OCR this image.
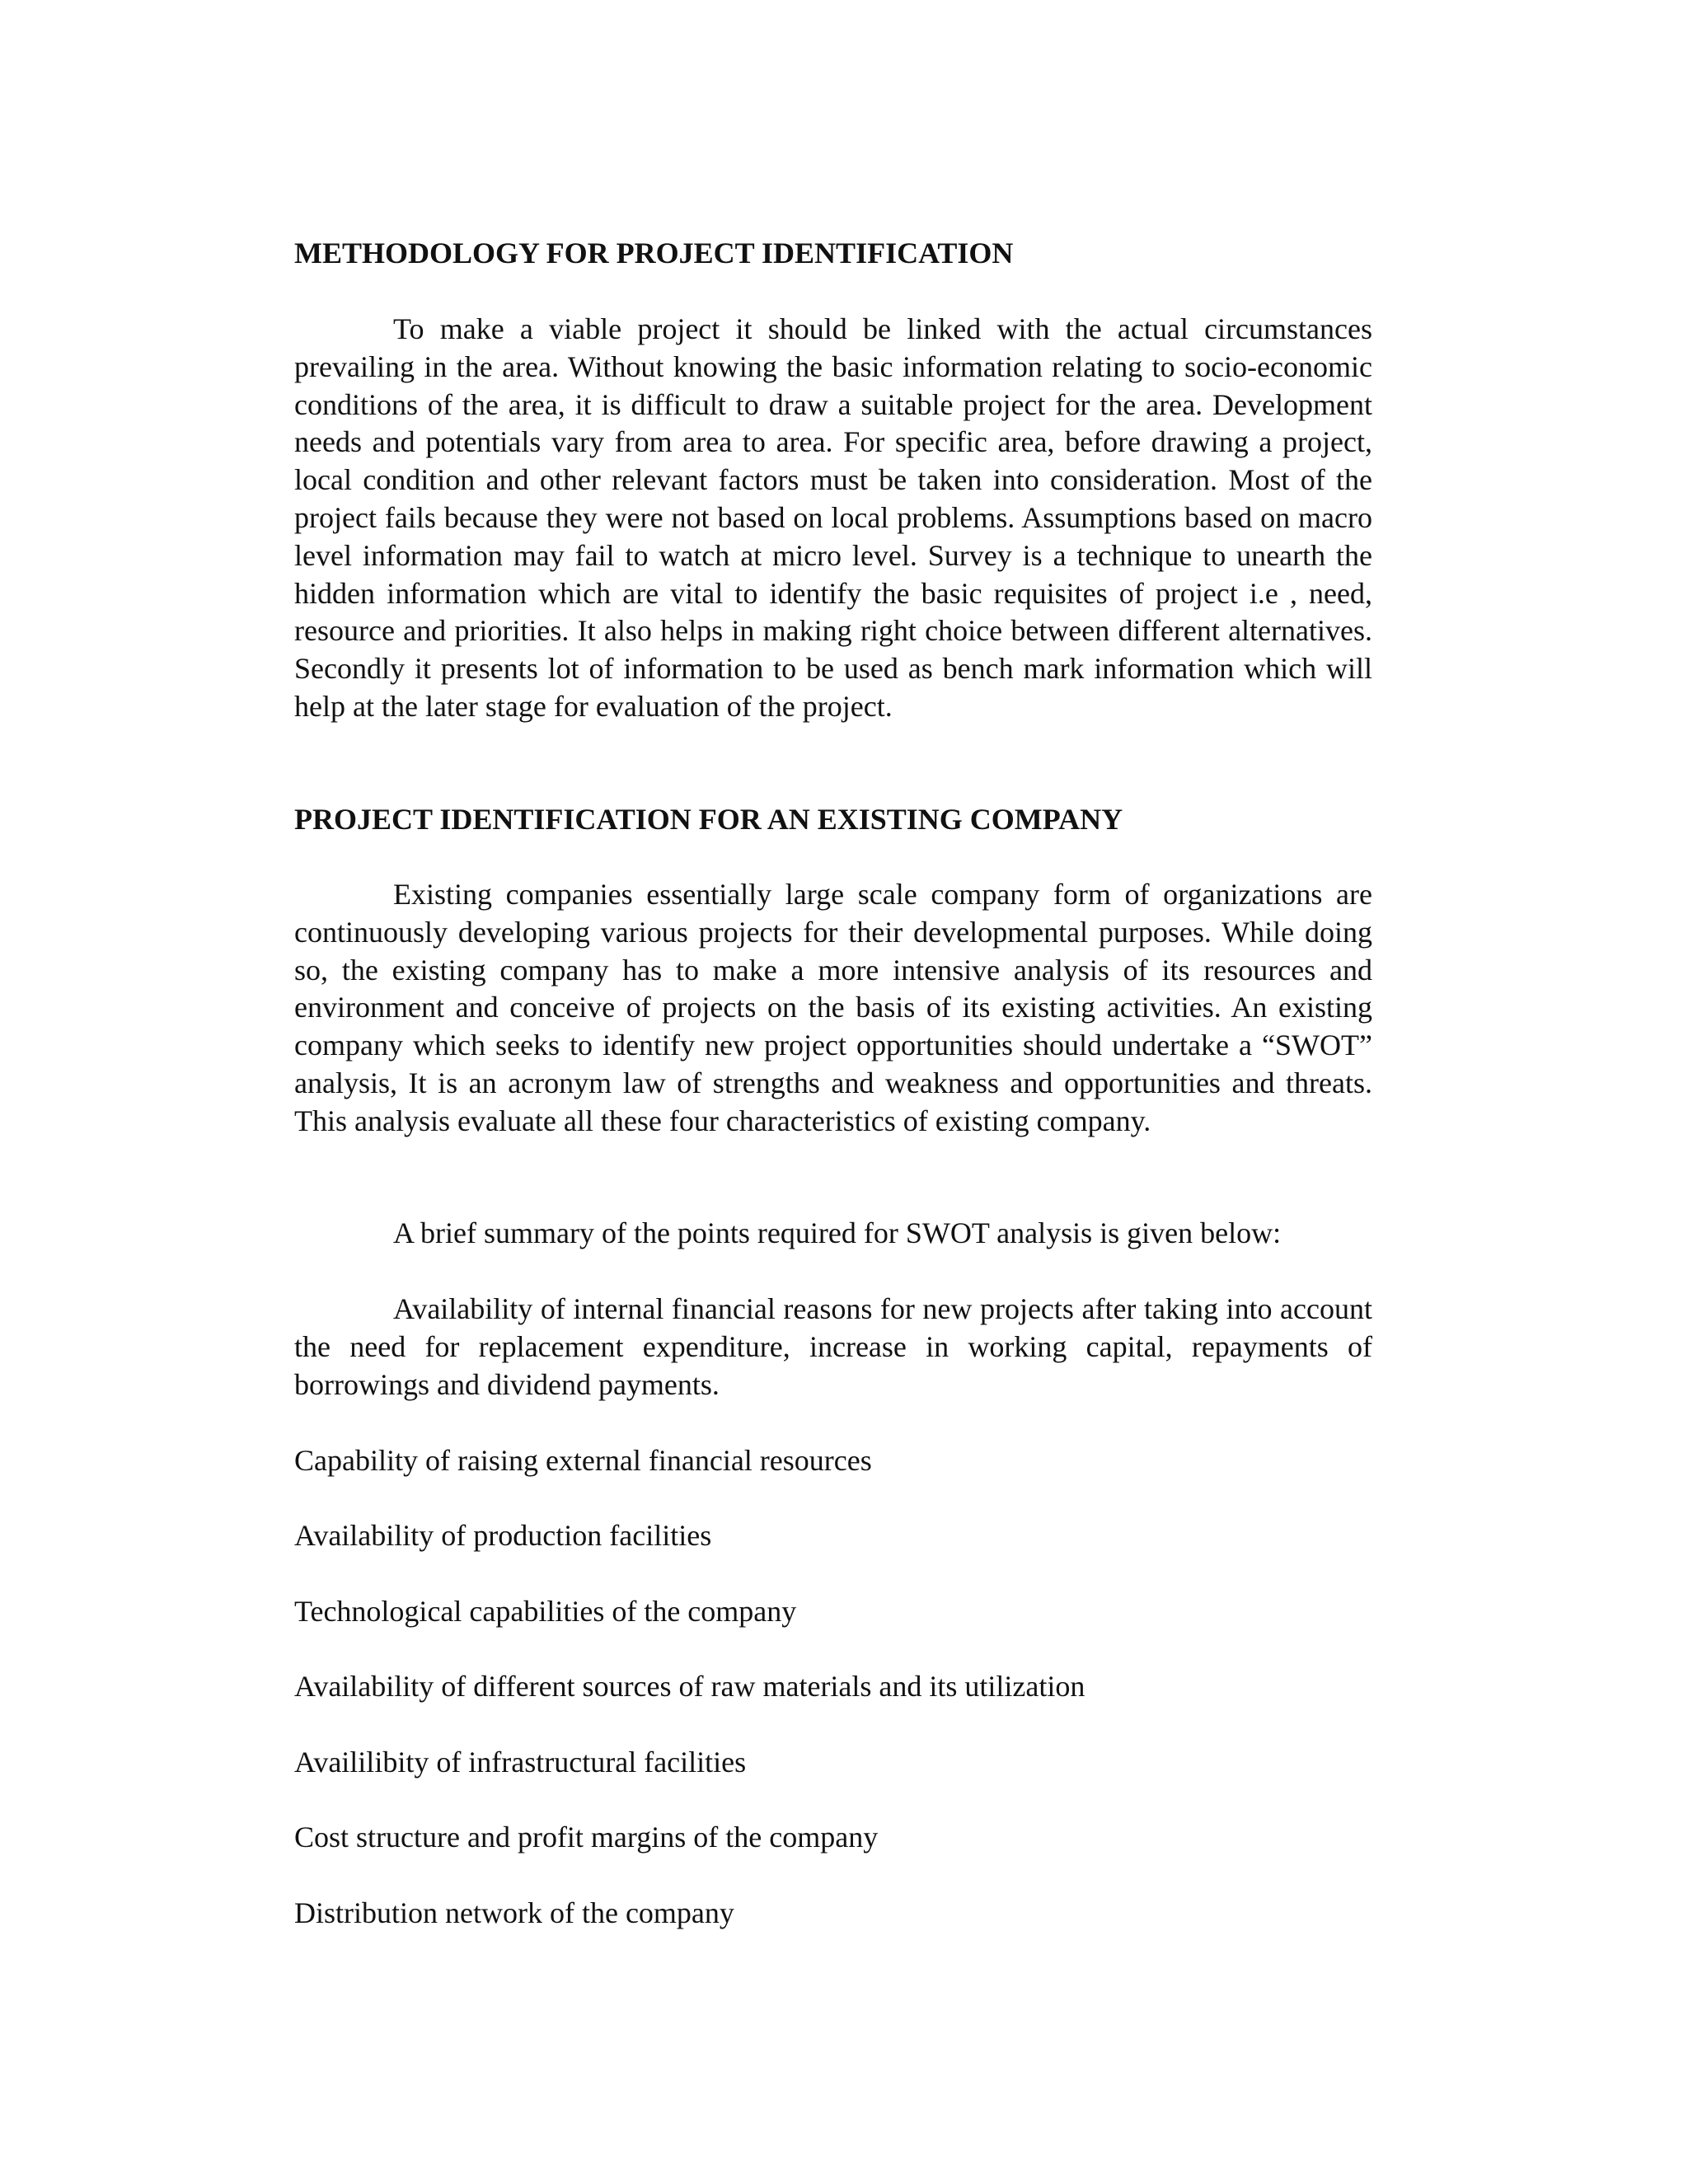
METHODOLOGY FOR PROJECT IDENTIFICATION

To make a viable project it should be linked with the actual circumstances prevailing in the area. Without knowing the basic information relating to socio-economic conditions of the area, it is difficult to draw a suitable project for the area. Development needs and potentials vary from area to area. For specific area, before drawing a project, local condition and other relevant factors must be taken into consideration. Most of the project fails because they were not based on local problems. Assumptions based on macro level information may fail to watch at micro level. Survey is a technique to unearth the hidden information which are vital to identify the basic requisites of project i.e , need, resource and priorities. It also helps in making right choice between different alternatives. Secondly it presents lot of information to be used as bench mark information which will help at the later stage for evaluation of the project.

PROJECT IDENTIFICATION FOR AN EXISTING COMPANY

Existing companies essentially large scale company form of organizations are continuously developing various projects for their developmental purposes. While doing so, the existing company has to make a more intensive analysis of its resources and environment and conceive of projects on the basis of its existing activities. An existing company which seeks to identify new project opportunities should undertake a “SWOT” analysis, It is an acronym law of strengths and weakness and opportunities and threats. This analysis evaluate all these four characteristics of existing company.

A brief summary of the points required for SWOT analysis is given below:

Availability of internal financial reasons for new projects after taking into account the need for replacement expenditure, increase in working capital, repayments of borrowings and dividend payments.

Capability of raising external financial resources

Availability of production facilities

Technological capabilities of the company

Availability of different sources of raw materials and its utilization

Availilibity of infrastructural facilities

Cost structure and profit margins of the company

Distribution network of the company
